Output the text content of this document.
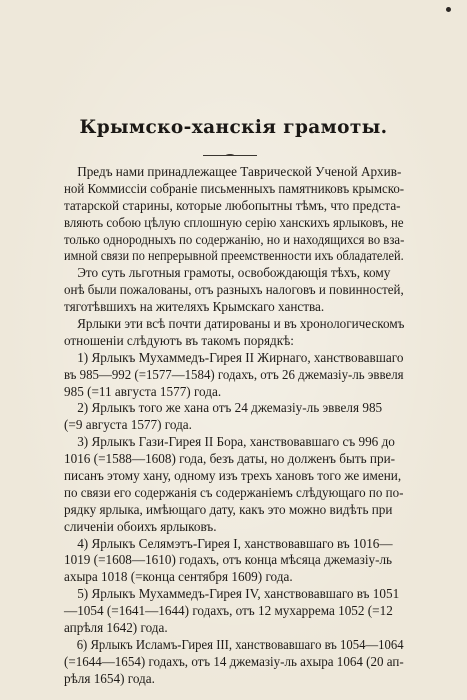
Крымско-ханскія грамоты.
Предъ нами принадлежащее Таврической Ученой Архив-
ной Коммиссіи собраніе письменныхъ памятниковъ крымско-
татарской старины, которые любопытны тѣмъ, что предста-
вляють собою цѣлую сплошную серію ханскихъ ярлыковъ, не
только однородныхъ по содержанію, но и находящихся во вза-
имной связи по непрерывной преемственности ихъ обладателей.
Это суть льготныя грамоты, освобождающія тѣхъ, кому
онѣ были пожалованы, отъ разныхъ налоговъ и повинностей,
тяготѣвшихъ на жителяхъ Крымскаго ханства.
Ярлыки эти всѣ почти датированы и въ хронологическомъ
отношеніи слѣдуютъ въ такомъ порядкѣ:
1) Ярлыкъ Мухаммедъ-Гирея II Жирнаго, ханствовавшаго
въ 985—992 (=1577—1584) годахъ, отъ 26 джемазіу-ль эввеля
985 (=11 августа 1577) года.
2) Ярлыкъ того же хана отъ 24 джемазіу-ль эввеля 985
(=9 августа 1577) года.
3) Ярлыкъ Гази-Гирея II Бора, ханствовавшаго съ 996 до
1016 (=1588—1608) года, безъ даты, но долженъ быть при-
писанъ этому хану, одному изъ трехъ хановъ того же имени,
по связи его содержанія съ содержаніемъ слѣдующаго по по-
рядку ярлыка, имѣющаго дату, какъ это можно видѣть при
сличеніи обоихъ ярлыковъ.
4) Ярлыкъ Селямэтъ-Гирея I, ханствовавшаго въ 1016—
1019 (=1608—1610) годахъ, отъ конца мѣсяца джемазіу-ль
ахыра 1018 (=конца сентября 1609) года.
5) Ярлыкъ Мухаммедъ-Гирея IV, ханствовавшаго въ 1051
—1054 (=1641—1644) годахъ, отъ 12 мухаррема 1052 (=12
апрѣля 1642) года.
6) Ярлыкъ Исламъ-Гирея III, ханствовавшаго въ 1054—1064
(=1644—1654) годахъ, отъ 14 джемазіу-ль ахыра 1064 (20 ап-
рѣля 1654) года.
